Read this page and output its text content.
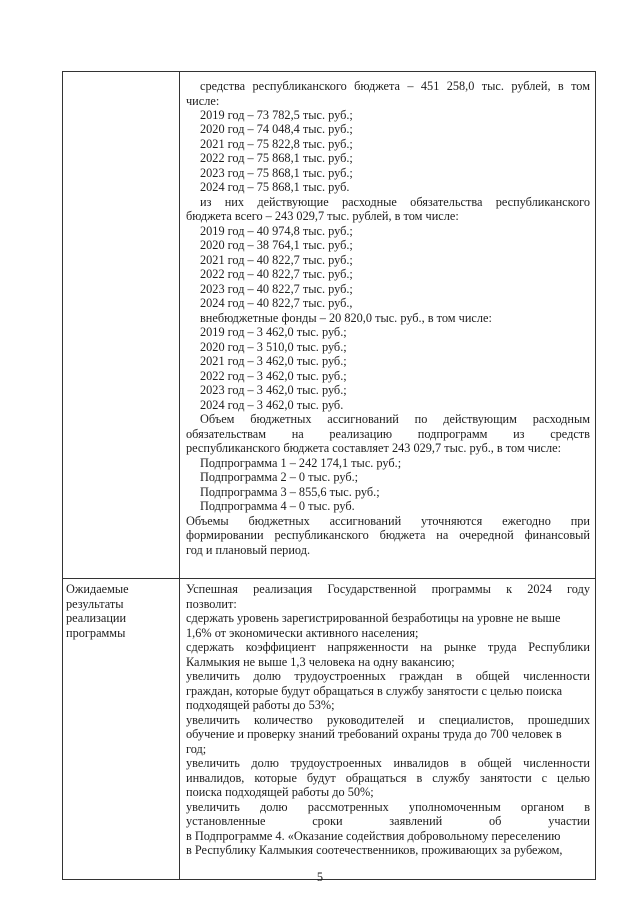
средства республиканского бюджета – 451 258,0 тыс. рублей, в том
числе:
2019 год – 73 782,5 тыс. руб.;
2020 год – 74 048,4 тыс. руб.;
2021 год – 75 822,8 тыс. руб.;
2022 год – 75 868,1 тыс. руб.;
2023 год – 75 868,1 тыс. руб.;
2024 год – 75 868,1 тыс. руб.
из них действующие расходные обязательства республиканского
бюджета всего – 243 029,7 тыс. рублей, в том числе:
2019 год – 40 974,8 тыс. руб.;
2020 год – 38 764,1 тыс. руб.;
2021 год – 40 822,7 тыс. руб.;
2022 год – 40 822,7 тыс. руб.;
2023 год – 40 822,7 тыс. руб.;
2024 год – 40 822,7 тыс. руб.,
внебюджетные фонды – 20 820,0 тыс. руб., в том числе:
2019 год – 3 462,0 тыс. руб.;
2020 год – 3 510,0 тыс. руб.;
2021 год – 3 462,0 тыс. руб.;
2022 год – 3 462,0 тыс. руб.;
2023 год – 3 462,0 тыс. руб.;
2024 год – 3 462,0 тыс. руб.
Объем бюджетных ассигнований по действующим расходным
обязательствам на реализацию подпрограмм из средств
республиканского бюджета составляет 243 029,7 тыс. руб., в том числе:
Подпрограмма 1 – 242 174,1 тыс. руб.;
Подпрограмма 2 – 0 тыс. руб.;
Подпрограмма 3 – 855,6 тыс. руб.;
Подпрограмма 4 – 0 тыс. руб.
Объемы бюджетных ассигнований уточняются ежегодно при
формировании республиканского бюджета на очередной финансовый
год и плановый период.
Ожидаемые
результаты
реализации
программы
Успешная реализация Государственной программы к 2024 году
позволит:
сдержать уровень зарегистрированной безработицы на уровне не выше
1,6% от экономически активного населения;
сдержать коэффициент напряженности на рынке труда Республики
Калмыкия не выше 1,3 человека на одну вакансию;
увеличить долю трудоустроенных граждан в общей численности
граждан, которые будут обращаться в службу занятости с целью поиска
подходящей работы до 53%;
увеличить количество руководителей и специалистов, прошедших
обучение и проверку знаний требований охраны труда до 700 человек в
год;
увеличить долю трудоустроенных инвалидов в общей численности
инвалидов, которые будут обращаться в службу занятости с целью
поиска подходящей работы до 50%;
увеличить долю рассмотренных уполномоченным органом в
установленные сроки заявлений об участии
в Подпрограмме 4. «Оказание содействия добровольному переселению
в Республику Калмыкия соотечественников, проживающих за рубежом,
5
